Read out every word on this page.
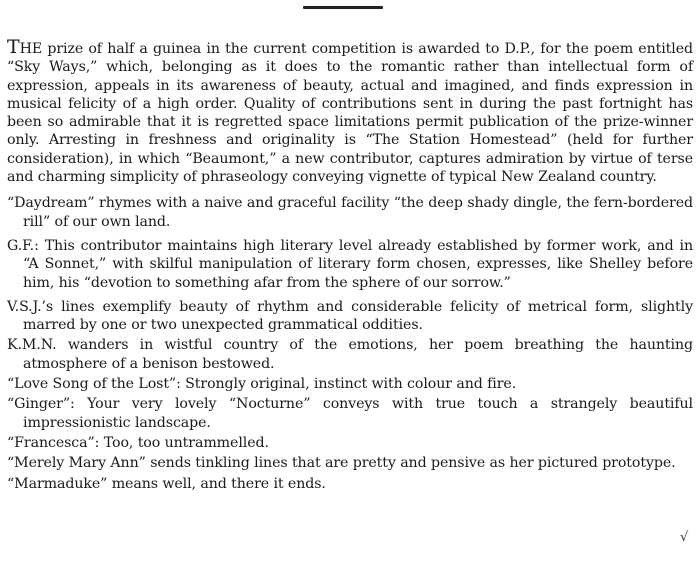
THE prize of half a guinea in the current competition is awarded to D.P., for the poem entitled “Sky Ways,” which, belonging as it does to the romantic rather than intellectual form of expression, appeals in its awareness of beauty, actual and imagined, and finds expression in musical felicity of a high order. Quality of contributions sent in during the past fortnight has been so admirable that it is regretted space limitations permit publication of the prize-winner only. Arresting in freshness and originality is “The Station Homestead” (held for further consideration), in which “Beaumont,” a new contributor, captures admiration by virtue of terse and charming simplicity of phraseology conveying vignette of typical New Zealand country.

“Daydream” rhymes with a naive and graceful facility “the deep shady dingle, the fern-bordered rill” of our own land.

G.F.: This contributor maintains high literary level already established by former work, and in “A Sonnet,” with skilful manipulation of literary form chosen, expresses, like Shelley before him, his “devotion to something afar from the sphere of our sorrow.”

V.S.J.’s lines exemplify beauty of rhythm and considerable felicity of metrical form, slightly marred by one or two unexpected grammatical oddities.

K.M.N. wanders in wistful country of the emotions, her poem breathing the haunting atmosphere of a benison bestowed.

“Love Song of the Lost”: Strongly original, instinct with colour and fire.

“Ginger”: Your very lovely “Nocturne” conveys with true touch a strangely beautiful impressionistic landscape.

“Francesca”: Too, too untrammelled.

“Merely Mary Ann” sends tinkling lines that are pretty and pensive as her pictured prototype.

“Marmaduke” means well, and there it ends.

√
